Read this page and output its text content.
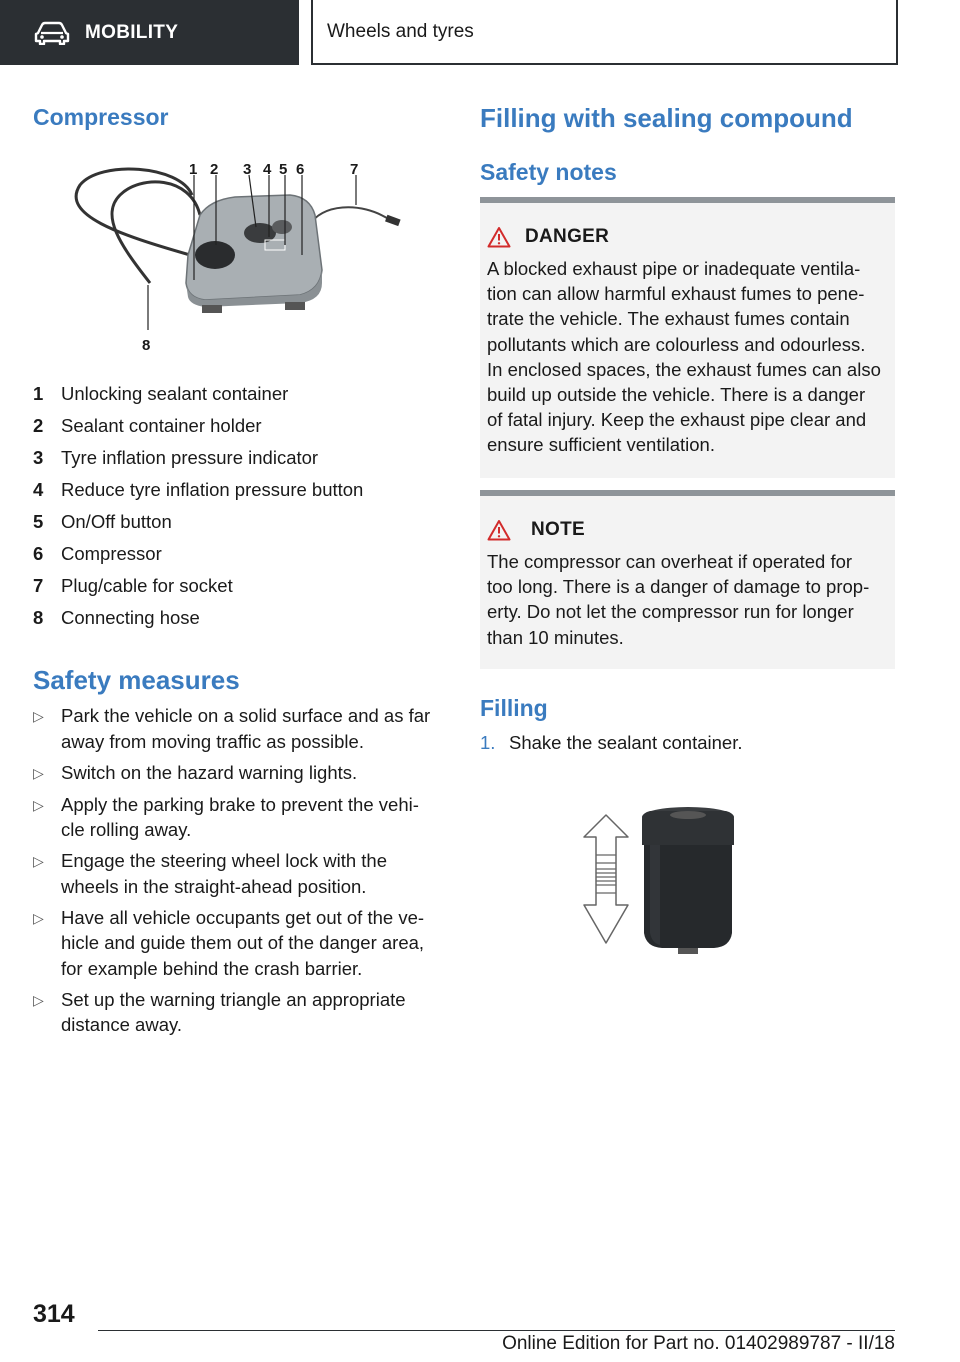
MOBILITY	Wheels and tyres
Compressor
1 2 3 4 5 6	7
8
1 Unlocking sealant container
2 Sealant container holder
3 Tyre inflation pressure indicator
4 Reduce tyre inflation pressure button
5 On/Off button
6 Compressor
7 Plug/cable for socket
8 Connecting hose
Safety measures
▷ Park the vehicle on a solid surface and as far
away from moving traffic as possible.
▷ Switch on the hazard warning lights.
▷ Apply the parking brake to prevent the vehi‐
cle rolling away.
▷ Engage the steering wheel lock with the
wheels in the straight-ahead position.
▷ Have all vehicle occupants get out of the ve‐
hicle and guide them out of the danger area,
for example behind the crash barrier.
▷ Set up the warning triangle an appropriate
distance away.
Filling with sealing compound
Safety notes
DANGER
A blocked exhaust pipe or inadequate ventila‐
tion can allow harmful exhaust fumes to pene‐
trate the vehicle. The exhaust fumes contain
pollutants which are colourless and odourless.
In enclosed spaces, the exhaust fumes can also
build up outside the vehicle. There is a danger
of fatal injury. Keep the exhaust pipe clear and
ensure sufficient ventilation.
NOTE
The compressor can overheat if operated for
too long. There is a danger of damage to prop‐
erty. Do not let the compressor run for longer
than 10 minutes.
Filling
1. Shake the sealant container.
314
Online Edition for Part no. 01402989787 - II/18
